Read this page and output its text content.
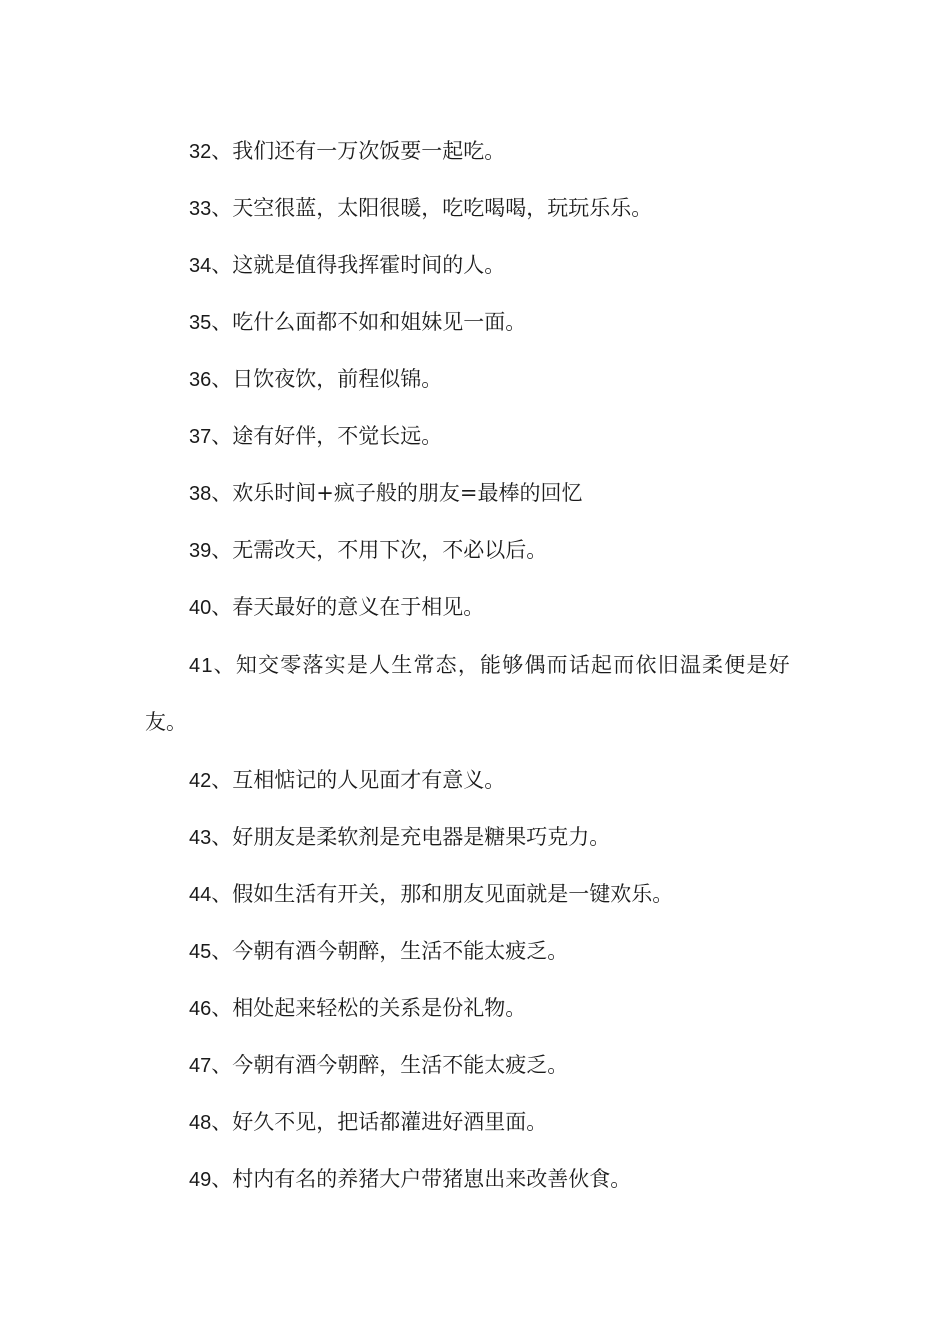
32、我们还有一万次饭要一起吃。
33、天空很蓝，太阳很暖，吃吃喝喝，玩玩乐乐。
34、这就是值得我挥霍时间的人。
35、吃什么面都不如和姐妹见一面。
36、日饮夜饮，前程似锦。
37、途有好伴，不觉长远。
38、欢乐时间+疯子般的朋友=最棒的回忆
39、无需改天，不用下次，不必以后。
40、春天最好的意义在于相见。
41、知交零落实是人生常态，能够偶而话起而依旧温柔便是好
友。
42、互相惦记的人见面才有意义。
43、好朋友是柔软剂是充电器是糖果巧克力。
44、假如生活有开关，那和朋友见面就是一键欢乐。
45、今朝有酒今朝醉，生活不能太疲乏。
46、相处起来轻松的关系是份礼物。
47、今朝有酒今朝醉，生活不能太疲乏。
48、好久不见，把话都灌进好酒里面。
49、村内有名的养猪大户带猪崽出来改善伙食。
